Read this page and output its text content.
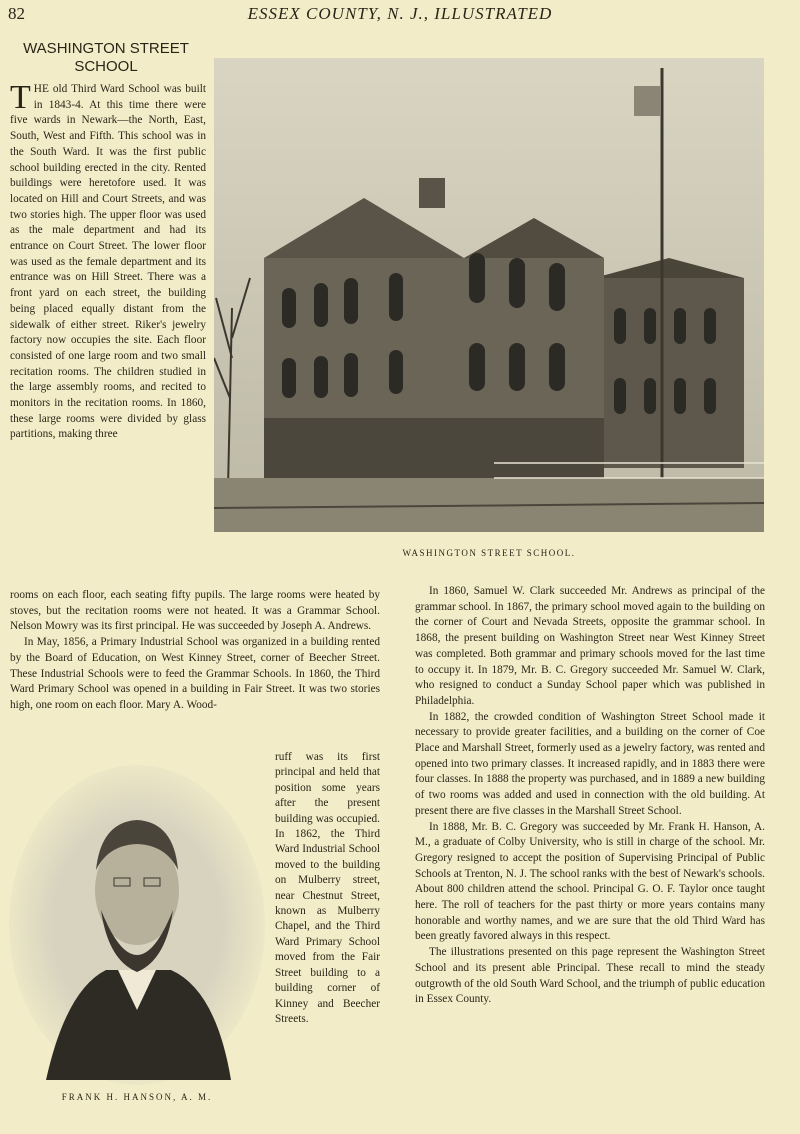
82	ESSEX COUNTY, N. J., ILLUSTRATED
WASHINGTON STREET
SCHOOL

THE old Third Ward School was built in 1843-4. At this time there were five wards in Newark—the North, East, South, West and Fifth. This school was in the South Ward. It was the first public school building erected in the city. Rented buildings were heretofore used. It was located on Hill and Court Streets, and was two stories high. The upper floor was used as the male department and had its entrance on Court Street. The lower floor was used as the female department and its entrance was on Hill Street. There was a front yard on each street, the building being placed equally distant from the sidewalk of either street. Riker's jewelry factory now occupies the site. Each floor consisted of one large room and two small recitation rooms. The children studied in the large assembly rooms, and recited to monitors in the recitation rooms. In 1860, these large rooms were divided by glass partitions, making three

WASHINGTON STREET SCHOOL.

rooms on each floor, each seating fifty pupils. The large rooms were heated by stoves, but the recitation rooms were not heated. It was a Grammar School. Nelson Mowry was its first principal. He was succeeded by Joseph A. Andrews.

In May, 1856, a Primary Industrial School was organized in a building rented by the Board of Education, on West Kinney Street, corner of Beecher Street. These Industrial Schools were to feed the Grammar Schools. In 1860, the Third Ward Primary School was opened in a building in Fair Street. It was two stories high, one room on each floor. Mary A. Wood-

ruff was its first principal and held that position some years after the present building was occupied. In 1862, the Third Ward Industrial School moved to the building on Mulberry street, near Chestnut Street, known as Mulberry Chapel, and the Third Ward Primary School moved from the Fair Street building to a building corner of Kinney and Beecher Streets.

FRANK H. HANSON, A. M.

In 1860, Samuel W. Clark succeeded Mr. Andrews as principal of the grammar school. In 1867, the primary school moved again to the building on the corner of Court and Nevada Streets, opposite the grammar school. In 1868, the present building on Washington Street near West Kinney Street was completed. Both grammar and primary schools moved for the last time to occupy it. In 1879, Mr. B. C. Gregory succeeded Mr. Samuel W. Clark, who resigned to conduct a Sunday School paper which was published in Philadelphia.

In 1882, the crowded condition of Washington Street School made it necessary to provide greater facilities, and a building on the corner of Coe Place and Marshall Street, formerly used as a jewelry factory, was rented and opened into two primary classes. It increased rapidly, and in 1883 there were four classes. In 1888 the property was purchased, and in 1889 a new building of two rooms was added and used in connection with the old building. At present there are five classes in the Marshall Street School.

In 1888, Mr. B. C. Gregory was succeeded by Mr. Frank H. Hanson, A. M., a graduate of Colby University, who is still in charge of the school. Mr. Gregory resigned to accept the position of Supervising Principal of Public Schools at Trenton, N. J. The school ranks with the best of Newark's schools. About 800 children attend the school. Principal G. O. F. Taylor once taught here. The roll of teachers for the past thirty or more years contains many honorable and worthy names, and we are sure that the old Third Ward has been greatly favored always in this respect.

The illustrations presented on this page represent the Washington Street School and its present able Principal. These recall to mind the steady outgrowth of the old South Ward School, and the triumph of public education in Essex County.
